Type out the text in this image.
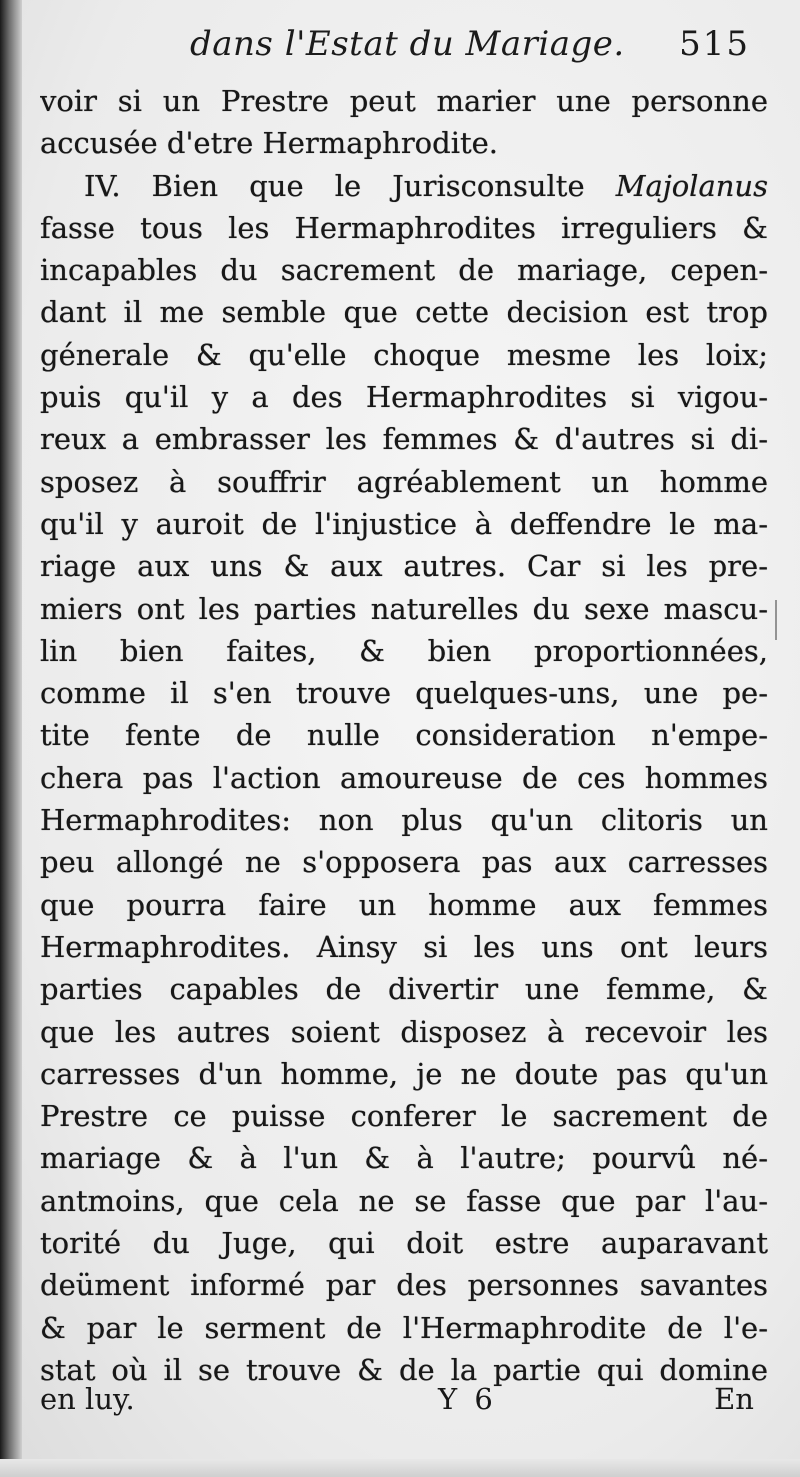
dans l'Estat du Mariage. 515
voir si un Prestre peut marier une personne
accusée d'etre Hermaphrodite.
IV. Bien que le Jurisconsulte Majolanus
fasse tous les Hermaphrodites irreguliers &
incapables du sacrement de mariage, cepen-
dant il me semble que cette decision est trop
génerale & qu'elle choque mesme les loix;
puis qu'il y a des Hermaphrodites si vigou-
reux a embrasser les femmes & d'autres si di-
sposez à souffrir agréablement un homme
qu'il y auroit de l'injustice à deffendre le ma-
riage aux uns & aux autres. Car si les pre-
miers ont les parties naturelles du sexe mascu-
lin bien faites, & bien proportionnées,
comme il s'en trouve quelques-uns, une pe-
tite fente de nulle consideration n'empe-
chera pas l'action amoureuse de ces hommes
Hermaphrodites: non plus qu'un clitoris un
peu allongé ne s'opposera pas aux carresses
que pourra faire un homme aux femmes
Hermaphrodites. Ainsy si les uns ont leurs
parties capables de divertir une femme, &
que les autres soient disposez à recevoir les
carresses d'un homme, je ne doute pas qu'un
Prestre ce puisse conferer le sacrement de
mariage & à l'un & à l'autre; pourvû né-
antmoins, que cela ne se fasse que par l'au-
torité du Juge, qui doit estre auparavant
deüment informé par des personnes savantes
& par le serment de l'Hermaphrodite de l'e-
stat où il se trouve & de la partie qui domine
en luy.	Y 6	En
